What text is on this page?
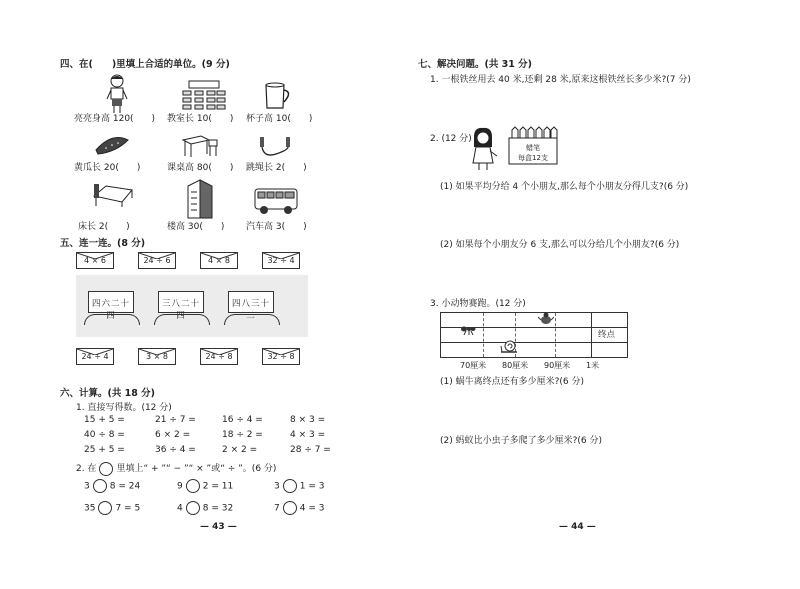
四、在(　　)里填上合适的单位。(9 分)
亮亮身高 120(　　) 教室长 10(　　) 杯子高 10(　　)
黄瓜长 20(　　)	课桌高 80(　　) 跳绳长 2(　　)
床长 2(　　)	楼高 30(　　) 汽车高 3(　　)
五、连一连。(8 分)
4 × 6	24 ÷ 6	4 × 8	32 ÷ 4
四六二十四
三八二十四
四八三十二
24 ÷ 4	3 × 8	24 ÷ 8	32 ÷ 8
六、计算。(共 18 分)
1. 直接写得数。(12 分)
15 + 5 =	21 ÷ 7 =	16 ÷ 4 =	8 × 3 =
40 ÷ 8 =	6 × 2 =	18 ÷ 2 =	4 × 3 =
25 + 5 =	36 ÷ 4 =	2 × 2 =	28 ÷ 7 =
2. 在 里填上“ + ”“ − ”“ × ”或“ ÷ ”。(6 分)
3 8 = 24	9 2 = 11	3 1 = 3
35 7 = 5	4 8 = 32	7 4 = 3
— 43 —
七、解决问题。(共 31 分)
1. 一根铁丝用去 40 米,还剩 28 米,原来这根铁丝长多少米?(7 分)
2. (12 分)
蜡笔
每盒12支
(1) 如果平均分给 4 个小朋友,那么每个小朋友分得几支?(6 分)
(2) 如果每个小朋友分 6 支,那么可以分给几个小朋友?(6 分)
3. 小动物赛跑。(12 分)
终点
70厘米 80厘米 90厘米 1米
(1) 蜗牛离终点还有多少厘米?(6 分)
(2) 蚂蚁比小虫子多爬了多少厘米?(6 分)
— 44 —
